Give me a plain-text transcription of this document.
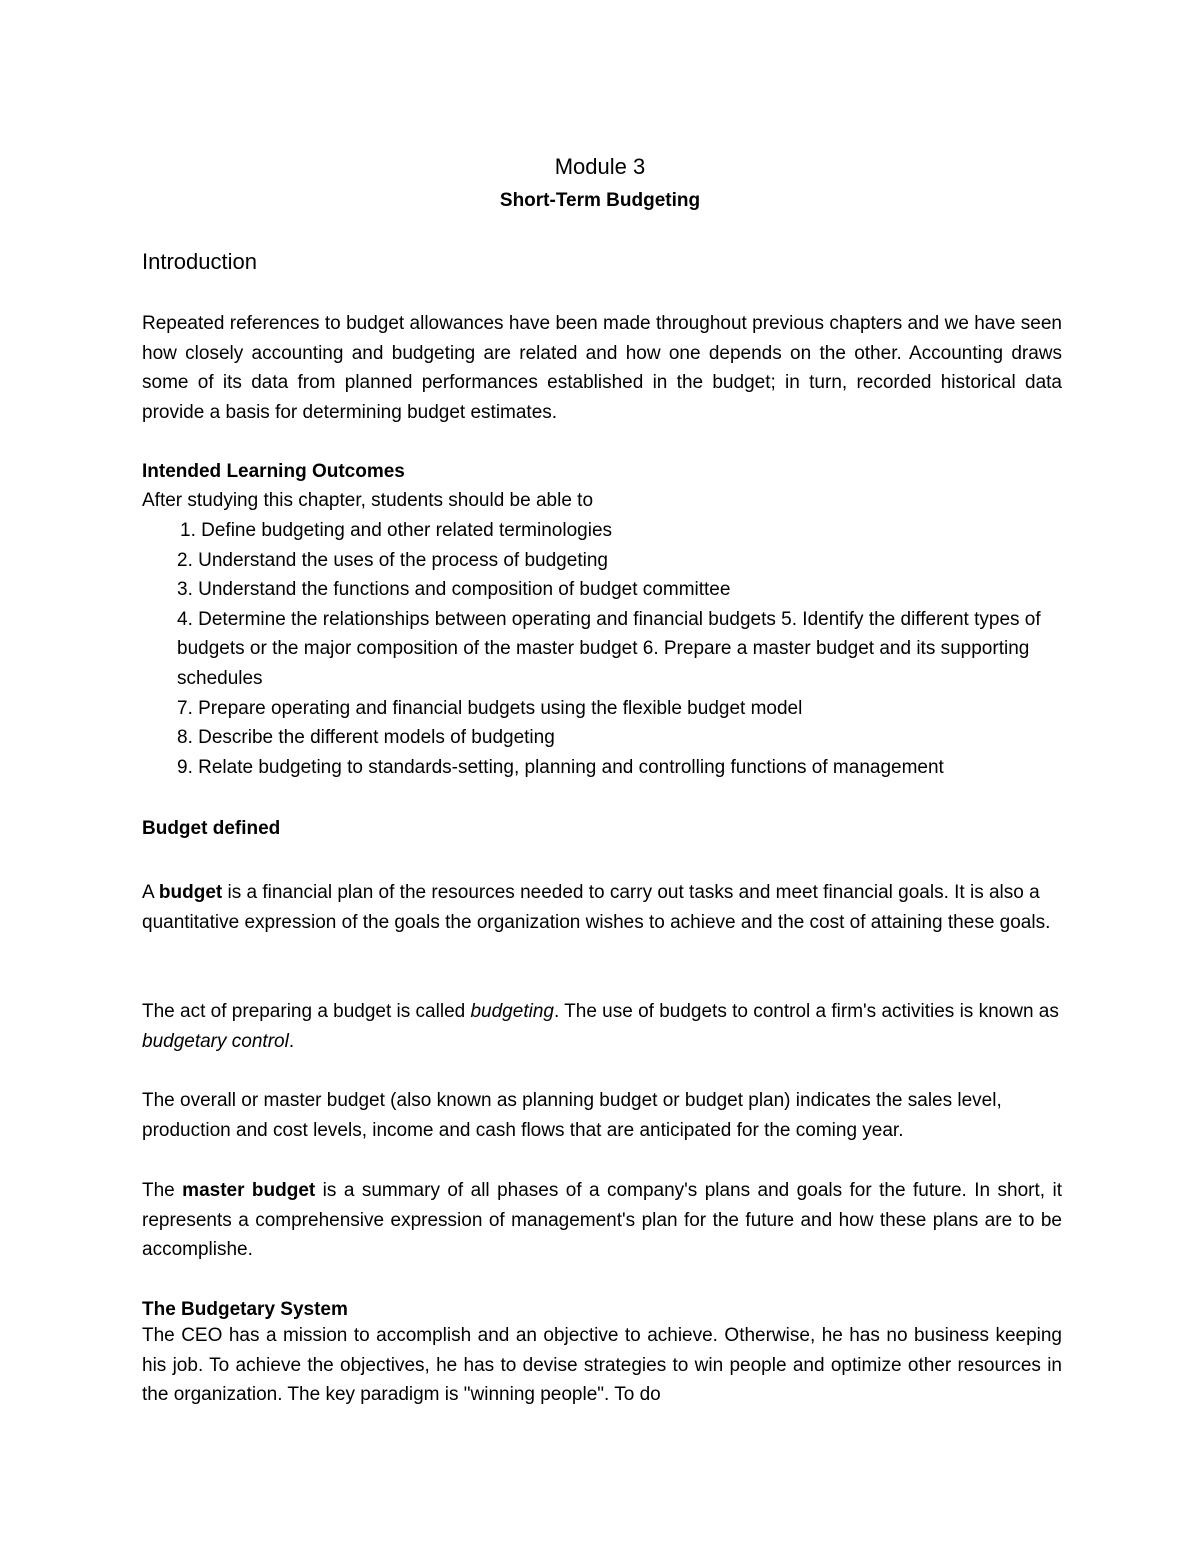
Module 3
Short-Term Budgeting
Introduction

Repeated references to budget allowances have been made throughout previous chapters and we have seen how closely accounting and budgeting are related and how one depends on the other. Accounting draws some of its data from planned performances established in the budget; in turn, recorded historical data provide a basis for determining budget estimates.

Intended Learning Outcomes
After studying this chapter, students should be able to
1. Define budgeting and other related terminologies
2. Understand the uses of the process of budgeting
3. Understand the functions and composition of budget committee
4. Determine the relationships between operating and financial budgets 5. Identify the different types of budgets or the major composition of the master budget 6. Prepare a master budget and its supporting schedules
7. Prepare operating and financial budgets using the flexible budget model
8. Describe the different models of budgeting
9. Relate budgeting to standards-setting, planning and controlling functions of management
Budget defined

A budget is a financial plan of the resources needed to carry out tasks and meet financial goals. It is also a quantitative expression of the goals the organization wishes to achieve and the cost of attaining these goals.

The act of preparing a budget is called budgeting. The use of budgets to control a firm's activities is known as budgetary control.

The overall or master budget (also known as planning budget or budget plan) indicates the sales level, production and cost levels, income and cash flows that are anticipated for the coming year.

The master budget is a summary of all phases of a company's plans and goals for the future. In short, it represents a comprehensive expression of management's plan for the future and how these plans are to be accomplishe.

The Budgetary System

The CEO has a mission to accomplish and an objective to achieve. Otherwise, he has no business keeping his job. To achieve the objectives, he has to devise strategies to win people and optimize other resources in the organization. The key paradigm is "winning people". To do
